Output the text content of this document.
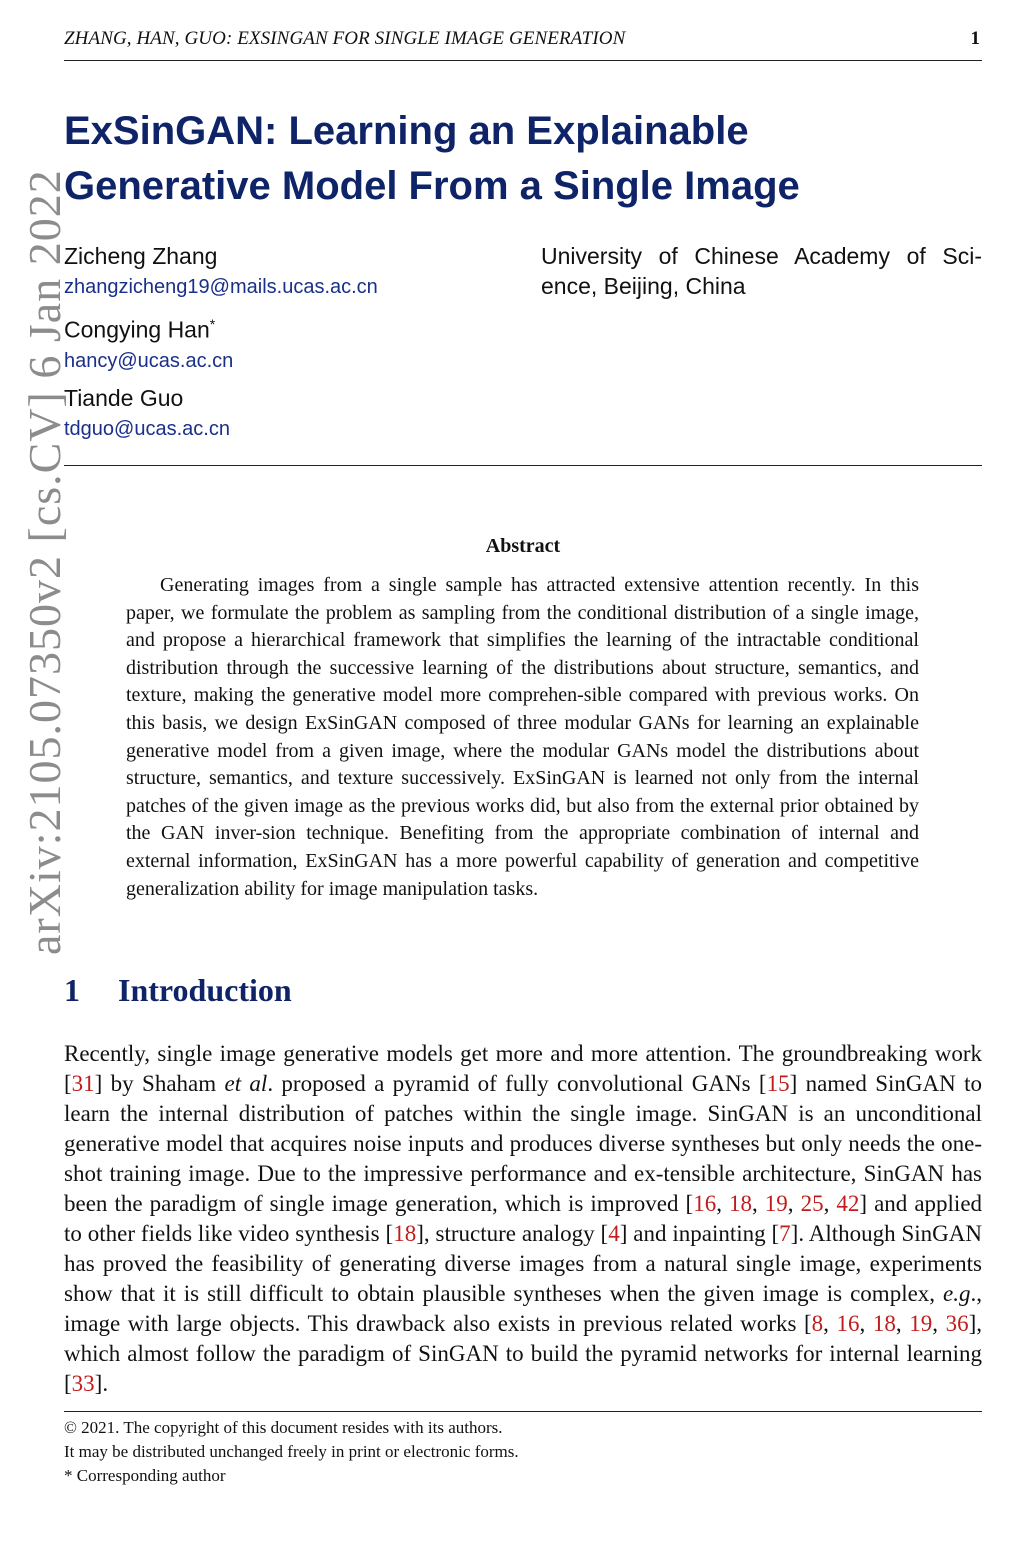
ZHANG, HAN, GUO: EXSINGAN FOR SINGLE IMAGE GENERATION	1
arXiv:2105.07350v2 [cs.CV] 6 Jan 2022
ExSinGAN: Learning an Explainable
Generative Model From a Single Image
Zicheng Zhang
zhangzicheng19@mails.ucas.ac.cn
Congying Han*
hancy@ucas.ac.cn
Tiande Guo
tdguo@ucas.ac.cn
University of Chinese Academy of Sci-ence, Beijing, China
Abstract
Generating images from a single sample has attracted extensive attention recently. In this paper, we formulate the problem as sampling from the conditional distribution of a single image, and propose a hierarchical framework that simplifies the learning of the intractable conditional distribution through the successive learning of the distributions about structure, semantics, and texture, making the generative model more comprehen-sible compared with previous works. On this basis, we design ExSinGAN composed of three modular GANs for learning an explainable generative model from a given image, where the modular GANs model the distributions about structure, semantics, and texture successively. ExSinGAN is learned not only from the internal patches of the given image as the previous works did, but also from the external prior obtained by the GAN inver-sion technique. Benefiting from the appropriate combination of internal and external information, ExSinGAN has a more powerful capability of generation and competitive generalization ability for image manipulation tasks.
1 Introduction
Recently, single image generative models get more and more attention. The groundbreaking work [31] by Shaham et al. proposed a pyramid of fully convolutional GANs [15] named SinGAN to learn the internal distribution of patches within the single image. SinGAN is an unconditional generative model that acquires noise inputs and produces diverse syntheses but only needs the one-shot training image. Due to the impressive performance and ex-tensible architecture, SinGAN has been the paradigm of single image generation, which is improved [16, 18, 19, 25, 42] and applied to other fields like video synthesis [18], structure analogy [4] and inpainting [7]. Although SinGAN has proved the feasibility of generating diverse images from a natural single image, experiments show that it is still difficult to obtain plausible syntheses when the given image is complex, e.g., image with large objects. This drawback also exists in previous related works [8, 16, 18, 19, 36], which almost follow the paradigm of SinGAN to build the pyramid networks for internal learning [33].
© 2021. The copyright of this document resides with its authors.
It may be distributed unchanged freely in print or electronic forms.
* Corresponding author
